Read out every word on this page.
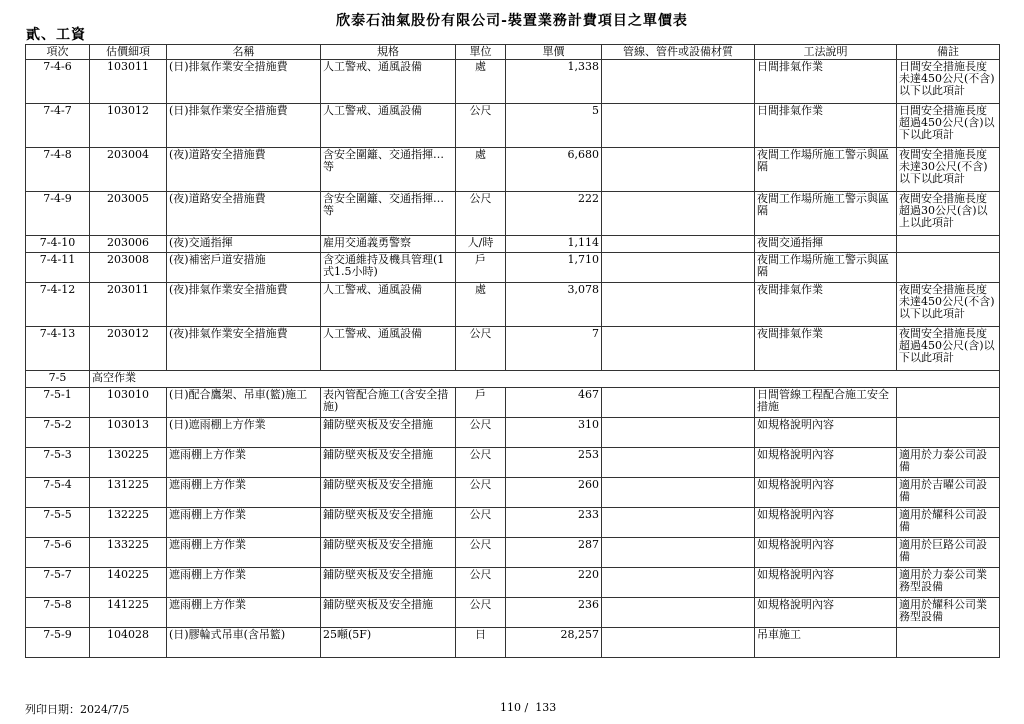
欣泰石油氣股份有限公司-裝置業務計費項目之單價表
貳、工資
項次	估價細項	名稱	規格	單位	單價	管線、管件或設備材質	工法說明	備註
7-4-6	103011	(日)排氣作業安全措施費	人工警戒、通風設備	處	1,338		日間排氣作業	日間安全措施長度未達450公尺(不含)以下以此項計
7-4-7	103012	(日)排氣作業安全措施費	人工警戒、通風設備	公尺	5		日間排氣作業	日間安全措施長度超過450公尺(含)以下以此項計
7-4-8	203004	(夜)道路安全措施費	含安全圍籬、交通指揮…等	處	6,680		夜間工作場所施工警示與區隔	夜間安全措施長度未達30公尺(不含)以下以此項計
7-4-9	203005	(夜)道路安全措施費	含安全圍籬、交通指揮…等	公尺	222		夜間工作場所施工警示與區隔	夜間安全措施長度超過30公尺(含)以上以此項計
7-4-10	203006	(夜)交通指揮	雇用交通義勇警察	人/時	1,114		夜間交通指揮	
7-4-11	203008	(夜)補密戶道安措施	含交通維持及機具管理(1式1.5小時)	戶	1,710		夜間工作場所施工警示與區隔	
7-4-12	203011	(夜)排氣作業安全措施費	人工警戒、通風設備	處	3,078		夜間排氣作業	夜間安全措施長度未達450公尺(不含)以下以此項計
7-4-13	203012	(夜)排氣作業安全措施費	人工警戒、通風設備	公尺	7		夜間排氣作業	夜間安全措施長度超過450公尺(含)以下以此項計
7-5	高空作業							
7-5-1	103010	(日)配合鷹架、吊車(籃)施工	表內管配合施工(含安全措施)	戶	467		日間管線工程配合施工安全措施	
7-5-2	103013	(日)遮雨棚上方作業	鋪防壁夾板及安全措施	公尺	310		如規格說明內容	
7-5-3	130225	遮雨棚上方作業	鋪防壁夾板及安全措施	公尺	253		如規格說明內容	適用於力泰公司設備
7-5-4	131225	遮雨棚上方作業	鋪防壁夾板及安全措施	公尺	260		如規格說明內容	適用於吉曜公司設備
7-5-5	132225	遮雨棚上方作業	鋪防壁夾板及安全措施	公尺	233		如規格說明內容	適用於耀科公司設備
7-5-6	133225	遮雨棚上方作業	鋪防壁夾板及安全措施	公尺	287		如規格說明內容	適用於巨路公司設備
7-5-7	140225	遮雨棚上方作業	鋪防壁夾板及安全措施	公尺	220		如規格說明內容	適用於力泰公司業務型設備
7-5-8	141225	遮雨棚上方作業	鋪防壁夾板及安全措施	公尺	236		如規格說明內容	適用於耀科公司業務型設備
7-5-9	104028	(日)膠輪式吊車(含吊籃)	25噸(5F)	日	28,257		吊車施工	
列印日期：2024/7/5	110 /  133
